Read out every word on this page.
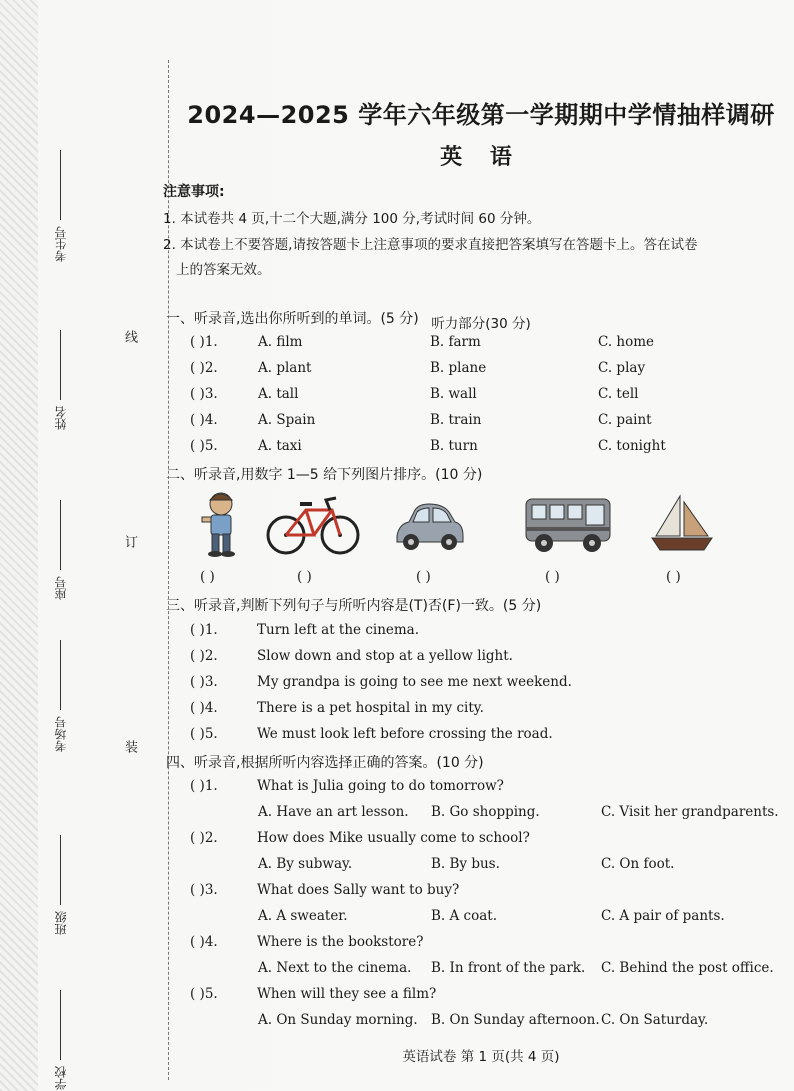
考生号
姓名
座号
考场号
班级
学校
线
订
装
2024—2025 学年六年级第一学期期中学情抽样调研
英 语
注意事项:
1. 本试卷共 4 页,十二个大题,满分 100 分,考试时间 60 分钟。
2. 本试卷上不要答题,请按答题卡上注意事项的要求直接把答案填写在答题卡上。答在试卷
上的答案无效。
听力部分(30 分)
一、听录音,选出你所听到的单词。(5 分)
二、听录音,用数字 1—5 给下列图片排序。(10 分)
( )	( )	( )	( )	( )
三、听录音,判断下列句子与所听内容是(T)否(F)一致。(5 分)
四、听录音,根据所听内容选择正确的答案。(10 分)
英语试卷 第 1 页(共 4 页)
( )1.	A. film	B. farm	C. home
( )2.	A. plant	B. plane	C. play
( )3.	A. tall	B. wall	C. tell
( )4.	A. Spain	B. train	C. paint
( )5.	A. taxi	B. turn	C. tonight
( )1.	Turn left at the cinema.
( )2.	Slow down and stop at a yellow light.
( )3.	My grandpa is going to see me next weekend.
( )4.	There is a pet hospital in my city.
( )5.	We must look left before crossing the road.
( )1.	What is Julia going to do tomorrow?
A. Have an art lesson. B. Go shopping.	C. Visit her grandparents.
( )2.	How does Mike usually come to school?
A. By subway.	B. By bus.	C. On foot.
( )3.	What does Sally want to buy?
A. A sweater.	B. A coat.	C. A pair of pants.
( )4.	Where is the bookstore?
A. Next to the cinema. B. In front of the park. C. Behind the post office.
( )5.	When will they see a film?
A. On Sunday morning. B. On Sunday afternoon. C. On Saturday.
